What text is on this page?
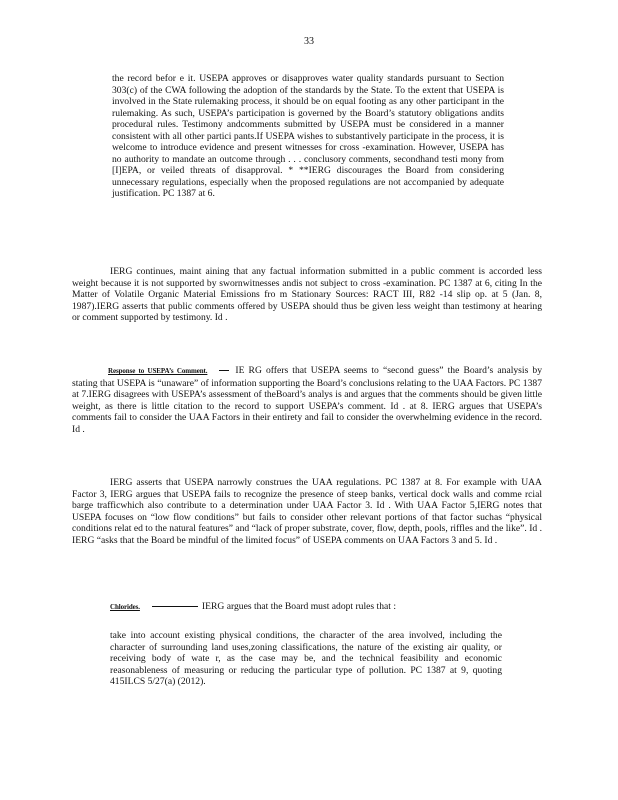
33

the record befor e it. USEPA approves or disapproves water quality standards pursuant to Section 303(c) of the CWA following the adoption of the standards by the State. To the extent that USEPA is involved in the State rulemaking process, it should be on equal footing as any other participant in the rulemaking. As such, USEPA’s participation is governed by the Board’s statutory obligations andits procedural rules. Testimony andcomments submitted by USEPA must be considered in a manner consistent with all other partici pants.If USEPA wishes to substantively participate in the process, it is welcome to introduce evidence and present witnesses for cross -examination. However, USEPA has no authority to mandate an outcome through . . . conclusory comments, secondhand testi mony from [I]EPA, or veiled threats of disapproval. * **IERG discourages the Board from considering unnecessary regulations, especially when the proposed regulations are not accompanied by adequate justification. PC 1387 at 6.

IERG continues, maint aining that any factual information submitted in a public comment is accorded less weight because it is not supported by swornwitnesses andis not subject to cross -examination. PC 1387 at 6, citing In the Matter of Volatile Organic Material Emissions fro m Stationary Sources: RACT III, R82 -14 slip op. at 5 (Jan. 8, 1987).IERG asserts that public comments offered by USEPA should thus be given less weight than testimony at hearing or comment supported by testimony. Id .

Response to USEPA’s Comment.	IE RG offers that USEPA seems to “second guess” the Board’s analysis by stating that USEPA is “unaware” of information supporting the Board’s conclusions relating to the UAA Factors. PC 1387 at 7.IERG disagrees with USEPA’s assessment of theBoard’s analys is and argues that the comments should be given little weight, as there is little citation to the record to support USEPA’s comment. Id . at 8. IERG argues that USEPA’s comments fail to consider the UAA Factors in their entirety and fail to consider the overwhelming evidence in the record. Id .

IERG asserts that USEPA narrowly construes the UAA regulations. PC 1387 at 8. For example with UAA Factor 3, IERG argues that USEPA fails to recognize the presence of steep banks, vertical dock walls and comme rcial barge trafficwhich also contribute to a determination under UAA Factor 3. Id . With UAA Factor 5,IERG notes that USEPA focuses on “low flow conditions” but fails to consider other relevant portions of that factor suchas “physical conditions relat ed to the natural features” and “lack of proper substrate, cover, flow, depth, pools, riffles and the like”. Id . IERG “asks that the Board be mindful of the limited focus” of USEPA comments on UAA Factors 3 and 5. Id .

Chlorides.	IERG argues that the Board must adopt rules that :

take into account existing physical conditions, the character of the area involved, including the character of surrounding land uses,zoning classifications, the nature of the existing air quality, or receiving body of wate r, as the case may be, and the technical feasibility and economic reasonableness of measuring or reducing the particular type of pollution. PC 1387 at 9, quoting 415ILCS 5/27(a) (2012).
